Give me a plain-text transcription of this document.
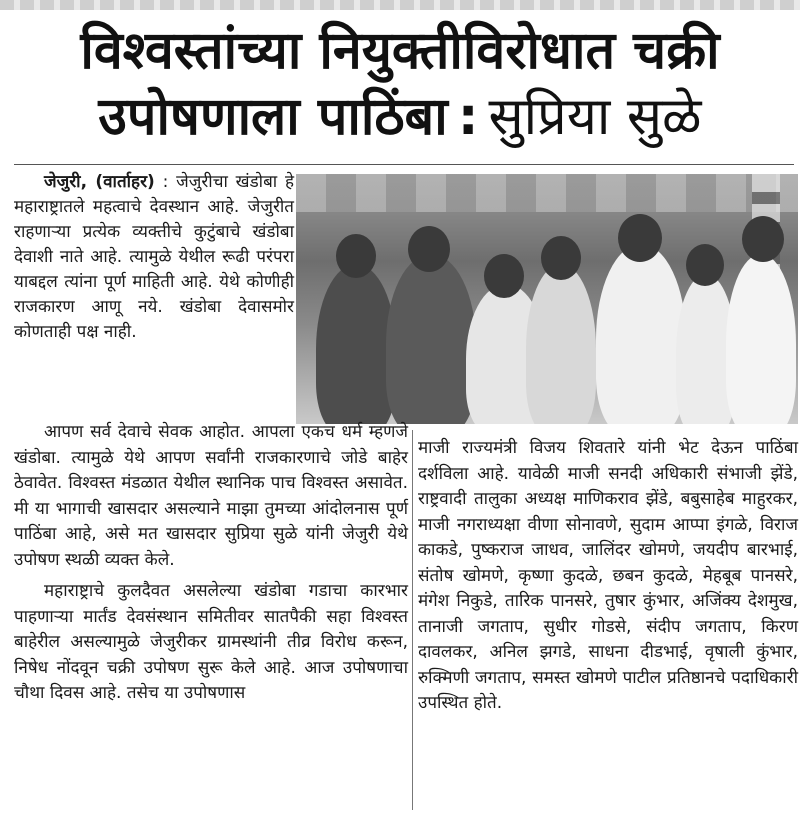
विश्वस्तांच्या नियुक्तीविरोधात चक्री
उपोषणाला पाठिंबा : सुप्रिया सुळे

जेजुरी, (वार्ताहर) : जेजुरीचा खंडोबा हे महाराष्ट्रातले महत्वाचे देवस्थान आहे. जेजुरीत राहणाऱ्या प्रत्येक व्यक्तीचे कुटुंबाचे खंडोबा देवाशी नाते आहे. त्यामुळे येथील रूढी परंपरा याबद्दल त्यांना पूर्ण माहिती आहे. येथे कोणीही राजकारण आणू नये. खंडोबा देवासमोर कोणताही पक्ष नाही.

आपण सर्व देवाचे सेवक आहोत. आपला एकच धर्म म्हणजे खंडोबा. त्यामुळे येथे आपण सर्वांनी राजकारणाचे जोडे बाहेर ठेवावेत. विश्वस्त मंडळात येथील स्थानिक पाच विश्वस्त असावेत. मी या भागाची खासदार असल्याने माझा तुमच्या आंदोलनास पूर्ण पाठिंबा आहे, असे मत खासदार सुप्रिया सुळे यांनी जेजुरी येथे उपोषण स्थळी व्यक्त केले.

महाराष्ट्राचे कुलदैवत असलेल्या खंडोबा गडाचा कारभार पाहणाऱ्या मार्तंड देवसंस्थान समितीवर सातपैकी सहा विश्वस्त बाहेरील असल्यामुळे जेजुरीकर ग्रामस्थांनी तीव्र विरोध करून, निषेध नोंदवून चक्री उपोषण सुरू केले आहे. आज उपोषणाचा चौथा दिवस आहे. तसेच या उपोषणास

माजी राज्यमंत्री विजय शिवतारे यांनी भेट देऊन पाठिंबा दर्शविला आहे. यावेळी माजी सनदी अधिकारी संभाजी झेंडे, राष्ट्रवादी तालुका अध्यक्ष माणिकराव झेंडे, बबुसाहेब माहुरकर, माजी नगराध्यक्षा वीणा सोनावणे, सुदाम आप्पा इंगळे, विराज काकडे, पुष्कराज जाधव, जालिंदर खोमणे, जयदीप बारभाई, संतोष खोमणे, कृष्णा कुदळे, छबन कुदळे, मेहबूब पानसरे, मंगेश निकुडे, तारिक पानसरे, तुषार कुंभार, अजिंक्य देशमुख, तानाजी जगताप, सुधीर गोडसे, संदीप जगताप, किरण दावलकर, अनिल झगडे, साधना दीडभाई, वृषाली कुंभार, रुक्मिणी जगताप, समस्त खोमणे पाटील प्रतिष्ठानचे पदाधिकारी उपस्थित होते.
